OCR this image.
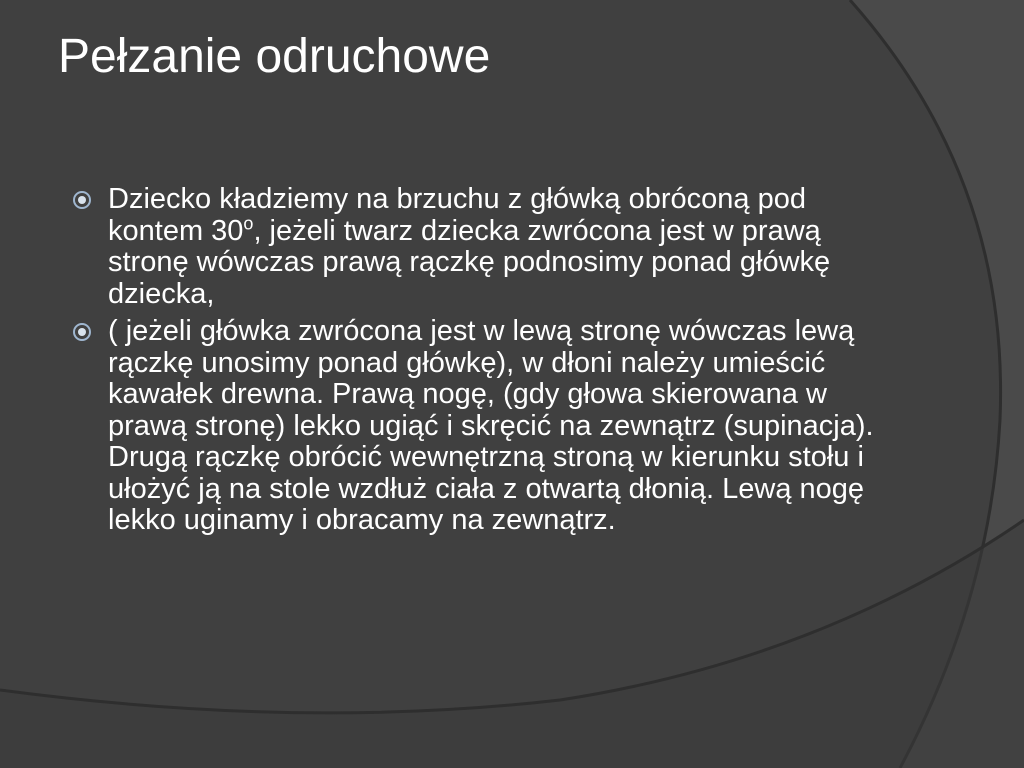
Pełzanie odruchowe
Dziecko kładziemy na brzuchu z główką obróconą pod kontem 30$^o$, jeżeli twarz dziecka zwrócona jest w prawą stronę wówczas prawą rączkę podnosimy ponad główkę dziecka,
( jeżeli główka zwrócona jest w lewą stronę wówczas lewą rączkę unosimy ponad główkę), w dłoni należy umieścić kawałek drewna. Prawą nogę, (gdy głowa skierowana w prawą stronę) lekko ugiąć i skręcić na zewnątrz (supinacja). Drugą rączkę obrócić wewnętrzną stroną w kierunku stołu i ułożyć ją na stole wzdłuż ciała z otwartą dłonią. Lewą nogę lekko uginamy i obracamy na zewnątrz.
